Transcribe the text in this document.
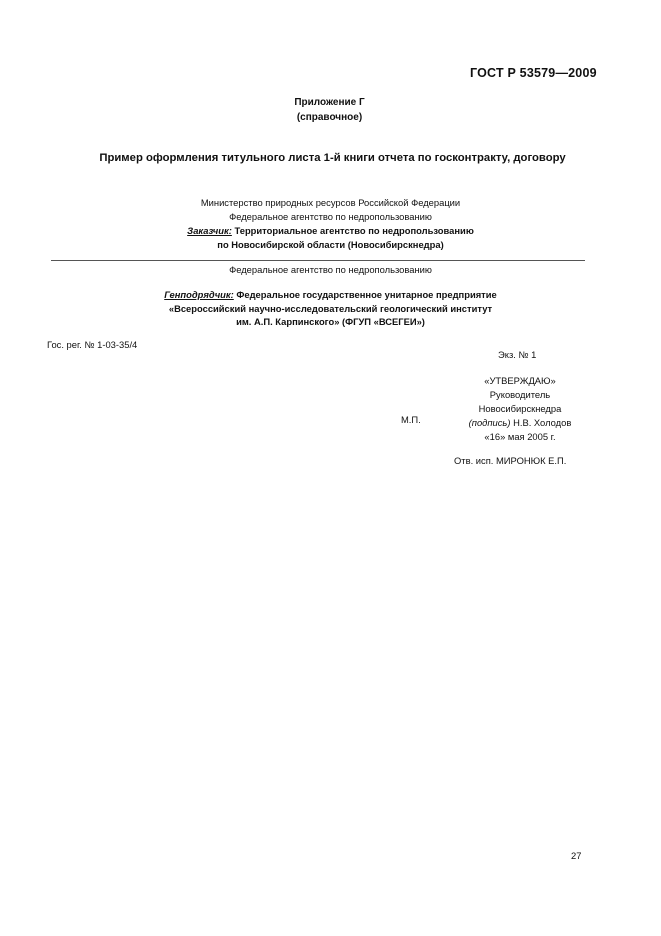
ГОСТ Р 53579—2009
Приложение Г
(справочное)
Пример оформления титульного листа 1-й книги отчета по госконтракту, договору
Министерство природных ресурсов Российской Федерации
Федеральное агентство по недропользованию
Заказчик: Территориальное агентство по недропользованию
по Новосибирской области (Новосибирскнедра)
Федеральное агентство по недропользованию
Генподрядчик: Федеральное государственное унитарное предприятие
«Всероссийский научно-исследовательский геологический институт
им. А.П. Карпинского» (ФГУП «ВСЕГЕИ»)
Гос. рег. № 1-03-35/4
Экз. № 1
«УТВЕРЖДАЮ»
Руководитель
Новосибирскнедра
(подпись) Н.В. Холодов
«16» мая 2005 г.
М.П.
Отв. исп. МИРОНЮК Е.П.
27
